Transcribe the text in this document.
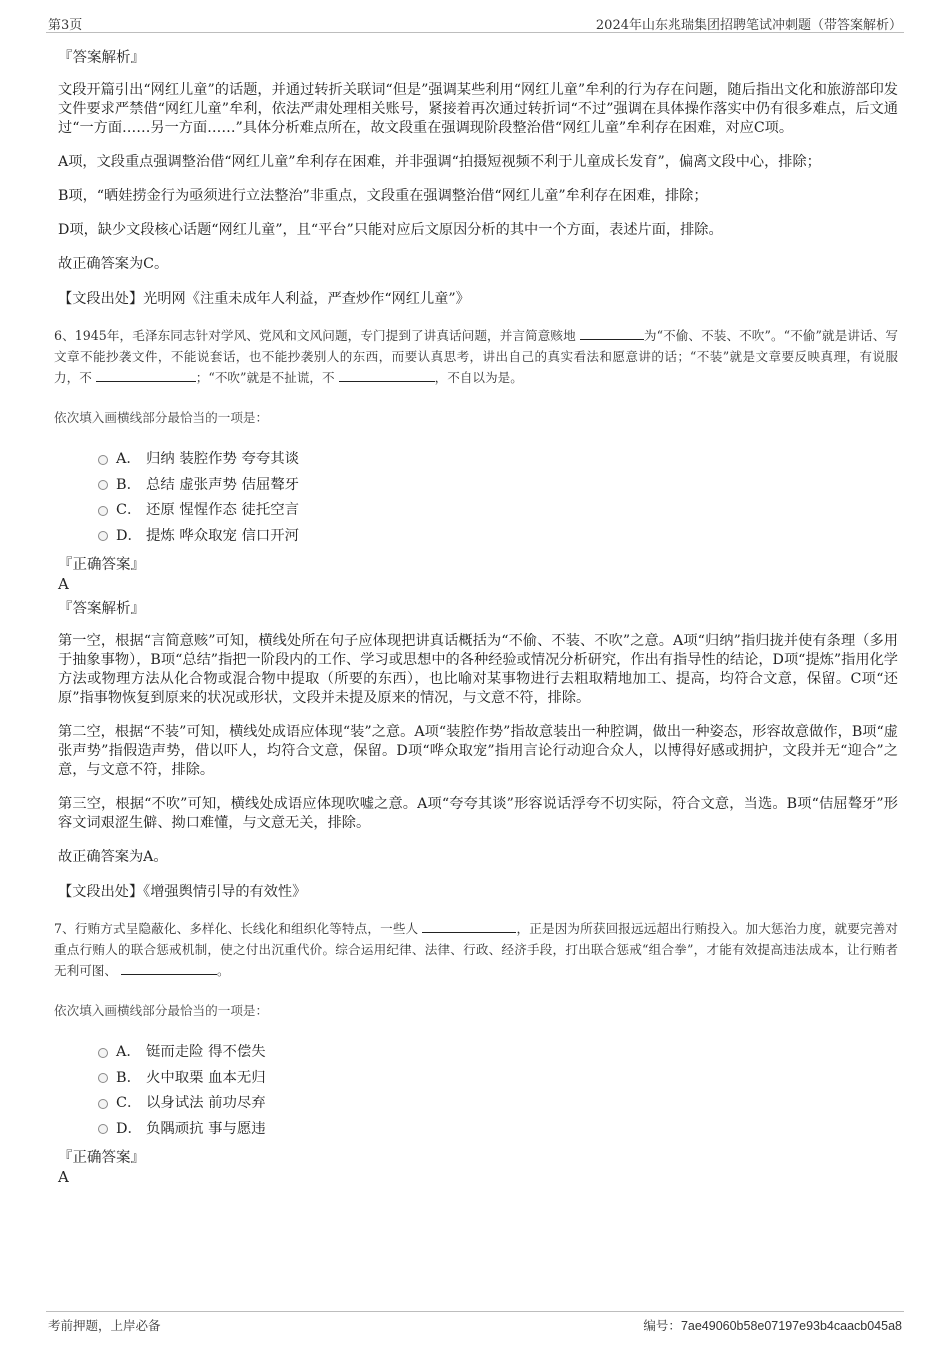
第3页	2024年山东兆瑞集团招聘笔试冲刺题（带答案解析）
『答案解析』

文段开篇引出“网红儿童”的话题，并通过转折关联词“但是”强调某些利用“网红儿童”牟利的行为存在问题，随后指出文化和旅游部印发文件要求严禁借“网红儿童”牟利，依法严肃处理相关账号，紧接着再次通过转折词“不过”强调在具体操作落实中仍有很多难点，后文通过“一方面……另一方面……”具体分析难点所在，故文段重在强调现阶段整治借“网红儿童”牟利存在困难，对应C项。

A项，文段重点强调整治借“网红儿童”牟利存在困难，并非强调“拍摄短视频不利于儿童成长发育”，偏离文段中心，排除；

B项，“晒娃捞金行为亟须进行立法整治”非重点，文段重在强调整治借“网红儿童”牟利存在困难，排除；

D项，缺少文段核心话题“网红儿童”，且“平台”只能对应后文原因分析的其中一个方面，表述片面，排除。

故正确答案为C。

【文段出处】光明网《注重未成年人利益，严查炒作“网红儿童”》

6、1945年，毛泽东同志针对学风、党风和文风问题，专门提到了讲真话问题，并言简意赅地	为“不偷、不装、不吹”。“不偷”就是讲话、写文章不能抄袭文件，不能说套话，也不能抄袭别人的东西，而要认真思考，讲出自己的真实看法和愿意讲的话；“不装”就是文章要反映真理，有说服力，不	；“不吹”就是不扯谎，不	，不自以为是。

依次填入画横线部分最恰当的一项是：

A． 归纳 装腔作势 夸夸其谈
B． 总结 虚张声势 佶屈聱牙
C． 还原 惺惺作态 徒托空言
D． 提炼 哗众取宠 信口开河
『正确答案』
A
『答案解析』

第一空，根据“言简意赅”可知，横线处所在句子应体现把讲真话概括为“不偷、不装、不吹”之意。A项“归纳”指归拢并使有条理（多用于抽象事物），B项“总结”指把一阶段内的工作、学习或思想中的各种经验或情况分析研究，作出有指导性的结论，D项“提炼”指用化学方法或物理方法从化合物或混合物中提取（所要的东西），也比喻对某事物进行去粗取精地加工、提高，均符合文意，保留。C项“还原”指事物恢复到原来的状况或形状，文段并未提及原来的情况，与文意不符，排除。

第二空，根据“不装”可知，横线处成语应体现“装”之意。A项“装腔作势”指故意装出一种腔调，做出一种姿态，形容故意做作，B项“虚张声势”指假造声势，借以吓人，均符合文意，保留。D项“哗众取宠”指用言论行动迎合众人，以博得好感或拥护，文段并无“迎合”之意，与文意不符，排除。

第三空，根据“不吹”可知，横线处成语应体现吹嘘之意。A项“夸夸其谈”形容说话浮夸不切实际，符合文意，当选。B项“佶屈聱牙”形容文词艰涩生僻、拗口难懂，与文意无关，排除。

故正确答案为A。

【文段出处】《增强舆情引导的有效性》

7、行贿方式呈隐蔽化、多样化、长线化和组织化等特点，一些人	，正是因为所获回报远远超出行贿投入。加大惩治力度，就要完善对重点行贿人的联合惩戒机制，使之付出沉重代价。综合运用纪律、法律、行政、经济手段，打出联合惩戒“组合拳”，才能有效提高违法成本，让行贿者无利可图、	。

依次填入画横线部分最恰当的一项是：

A． 铤而走险 得不偿失
B． 火中取栗 血本无归
C． 以身试法 前功尽弃
D． 负隅顽抗 事与愿违
『正确答案』
A
考前押题，上岸必备	编号：7ae49060b58e07197e93b4caacb045a8
